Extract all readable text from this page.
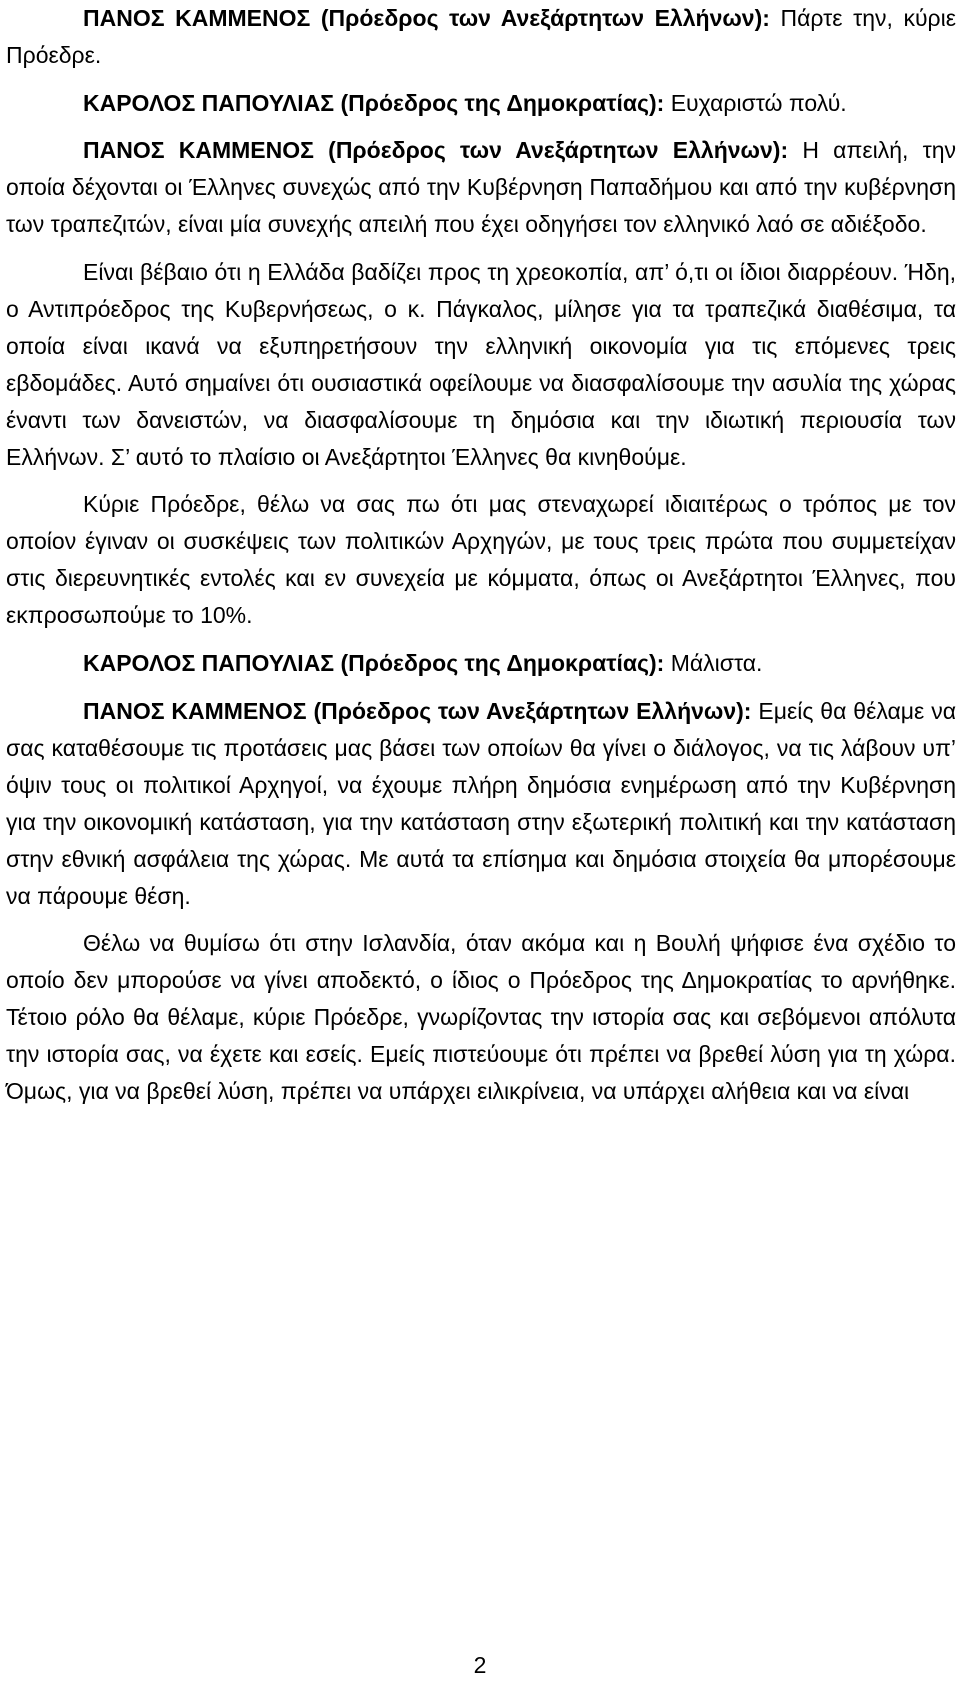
ΠΑΝΟΣ ΚΑΜΜΕΝΟΣ (Πρόεδρος των Ανεξάρτητων Ελλήνων): Πάρτε την, κύριε Πρόεδρε.

ΚΑΡΟΛΟΣ ΠΑΠΟΥΛΙΑΣ (Πρόεδρος της Δημοκρατίας): Ευχαριστώ πολύ.

ΠΑΝΟΣ ΚΑΜΜΕΝΟΣ (Πρόεδρος των Ανεξάρτητων Ελλήνων): Η απειλή, την οποία δέχονται οι Έλληνες συνεχώς από την Κυβέρνηση Παπαδήμου και από την κυβέρνηση των τραπεζιτών, είναι μία συνεχής απειλή που έχει οδηγήσει τον ελληνικό λαό σε αδιέξοδο.

Είναι βέβαιο ότι η Ελλάδα βαδίζει προς τη χρεοκοπία, απ’ ό,τι οι ίδιοι διαρρέουν. Ήδη, ο Αντιπρόεδρος της Κυβερνήσεως, ο κ. Πάγκαλος, μίλησε για τα τραπεζικά διαθέσιμα, τα οποία είναι ικανά να εξυπηρετήσουν την ελληνική οικονομία για τις επόμενες τρεις εβδομάδες. Αυτό σημαίνει ότι ουσιαστικά οφείλουμε να διασφαλίσουμε την ασυλία της χώρας έναντι των δανειστών, να διασφαλίσουμε τη δημόσια και την ιδιωτική περιουσία των Ελλήνων. Σ’ αυτό το πλαίσιο οι Ανεξάρτητοι Έλληνες θα κινηθούμε.

Κύριε Πρόεδρε, θέλω να σας πω ότι μας στεναχωρεί ιδιαιτέρως ο τρόπος με τον οποίον έγιναν οι συσκέψεις των πολιτικών Αρχηγών, με τους τρεις πρώτα που συμμετείχαν στις διερευνητικές εντολές και εν συνεχεία με κόμματα, όπως οι Ανεξάρτητοι Έλληνες, που εκπροσωπούμε το 10%.

ΚΑΡΟΛΟΣ ΠΑΠΟΥΛΙΑΣ (Πρόεδρος της Δημοκρατίας): Μάλιστα.

ΠΑΝΟΣ ΚΑΜΜΕΝΟΣ (Πρόεδρος των Ανεξάρτητων Ελλήνων): Εμείς θα θέλαμε να σας καταθέσουμε τις προτάσεις μας βάσει των οποίων θα γίνει ο διάλογος, να τις λάβουν υπ’ όψιν τους οι πολιτικοί Αρχηγοί, να έχουμε πλήρη δημόσια ενημέρωση από την Κυβέρνηση για την οικονομική κατάσταση, για την κατάσταση στην εξωτερική πολιτική και την κατάσταση στην εθνική ασφάλεια της χώρας. Με αυτά τα επίσημα και δημόσια στοιχεία θα μπορέσουμε να πάρουμε θέση.

Θέλω να θυμίσω ότι στην Ισλανδία, όταν ακόμα και η Βουλή ψήφισε ένα σχέδιο το οποίο δεν μπορούσε να γίνει αποδεκτό, ο ίδιος ο Πρόεδρος της Δημοκρατίας το αρνήθηκε. Τέτοιο ρόλο θα θέλαμε, κύριε Πρόεδρε, γνωρίζοντας την ιστορία σας και σεβόμενοι απόλυτα την ιστορία σας, να έχετε και εσείς. Εμείς πιστεύουμε ότι πρέπει να βρεθεί λύση για τη χώρα. Όμως, για να βρεθεί λύση, πρέπει να υπάρχει ειλικρίνεια, να υπάρχει αλήθεια και να είναι

2
